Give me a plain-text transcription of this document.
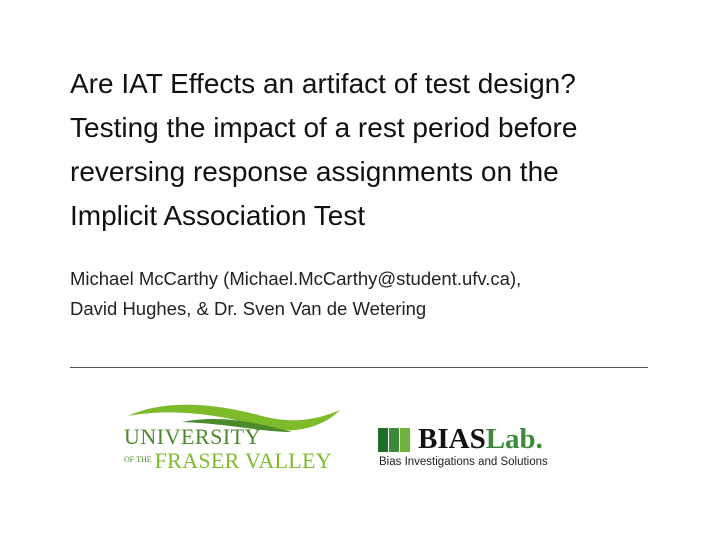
Are IAT Effects an artifact of test design?
Testing the impact of a rest period before
reversing response assignments on the
Implicit Association Test
Michael McCarthy (Michael.McCarthy@student.ufv.ca),
David Hughes, & Dr. Sven Van de Wetering
UNIVERSITY
$^{OF THE}$ FRASER VALLEY
BIASLab.
Bias Investigations and Solutions
